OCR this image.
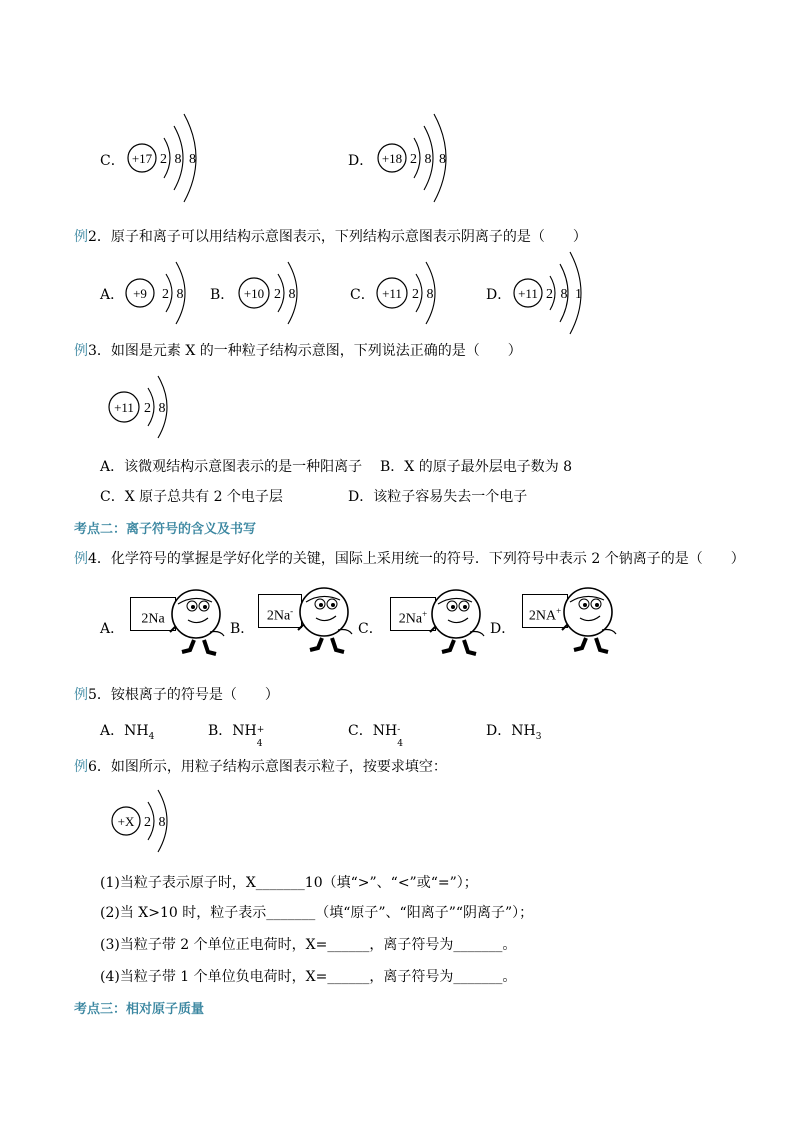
C． +17 2 8 8	D． +18 2 8 8
例2．原子和离子可以用结构示意图表示，下列结构示意图表示阴离子的是（　　）
A． +9 2 8 B． +10 2 8	C． +11 2 8	D． +11 2 8 1
例3．如图是元素 X 的一种粒子结构示意图，下列说法正确的是（　　）
+11 2 8
A．该微观结构示意图表示的是一种阳离子 B．X 的原子最外层电子数为 8
C．X 原子总共有 2 个电子层	D．该粒子容易失去一个电子
考点二：离子符号的含义及书写
例4．化学符号的掌握是学好化学的关键，国际上采用统一的符号．下列符号中表示 2 个钠离子的是（　　）
A．
2Na
B．
2Na-
C．
2Na+
D．
2NA+
例5．铵根离子的符号是（　　）
A．$NH_4$	B．NH +
4
C．NH -
4
D．$NH_3$
例6．如图所示，用粒子结构示意图表示粒子，按要求填空：
+X 2 8
(1)当粒子表示原子时，X_______10（填“>”、“<”或“=”）；
(2)当 X>10 时，粒子表示_______（填“原子”、“阳离子”“阴离子”）；
(3)当粒子带 2 个单位正电荷时，X=______，离子符号为_______。
(4)当粒子带 1 个单位负电荷时，X=______，离子符号为_______。
考点三：相对原子质量
